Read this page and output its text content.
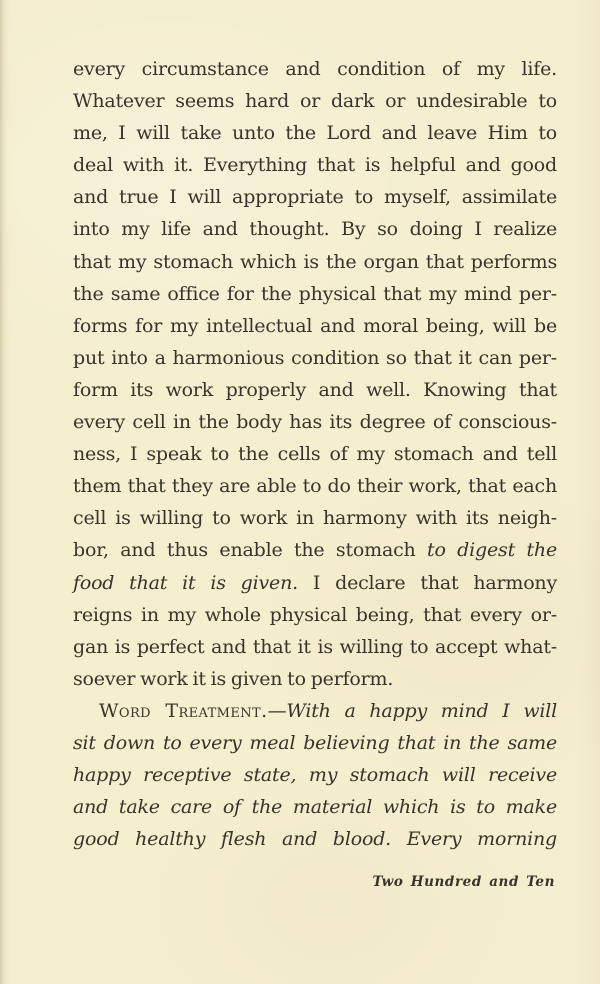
every circumstance and condition of my life.
Whatever seems hard or dark or undesirable to
me, I will take unto the Lord and leave Him to
deal with it. Everything that is helpful and good
and true I will appropriate to myself, assimilate
into my life and thought. By so doing I realize
that my stomach which is the organ that performs
the same office for the physical that my mind per-
forms for my intellectual and moral being, will be
put into a harmonious condition so that it can per-
form its work properly and well. Knowing that
every cell in the body has its degree of conscious-
ness, I speak to the cells of my stomach and tell
them that they are able to do their work, that each
cell is willing to work in harmony with its neigh-
bor, and thus enable the stomach to digest the
food that it is given. I declare that harmony
reigns in my whole physical being, that every or-
gan is perfect and that it is willing to accept what-
soever work it is given to perform.
Word Treatment.—With a happy mind I will
sit down to every meal believing that in the same
happy receptive state, my stomach will receive
and take care of the material which is to make
good healthy flesh and blood. Every morning
Two Hundred and Ten
